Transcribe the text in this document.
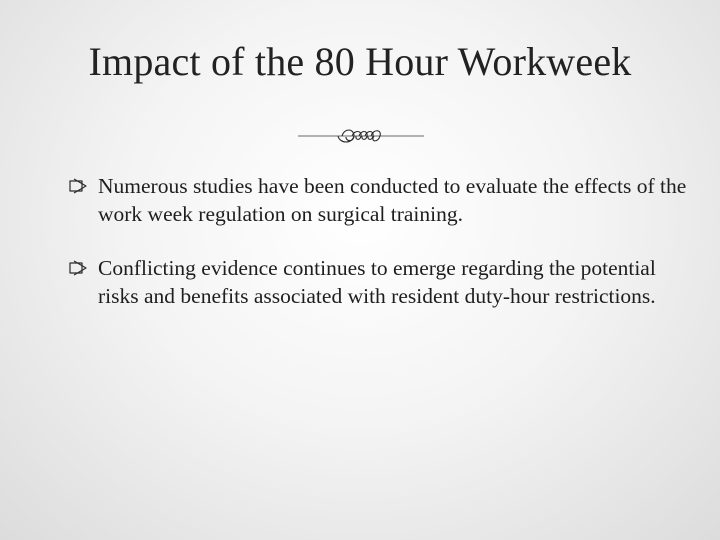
Impact of the 80 Hour Workweek
Numerous studies have been conducted to evaluate the effects of the work week regulation on surgical training.
Conflicting evidence continues to emerge regarding the potential risks and benefits associated with resident duty-hour restrictions.
